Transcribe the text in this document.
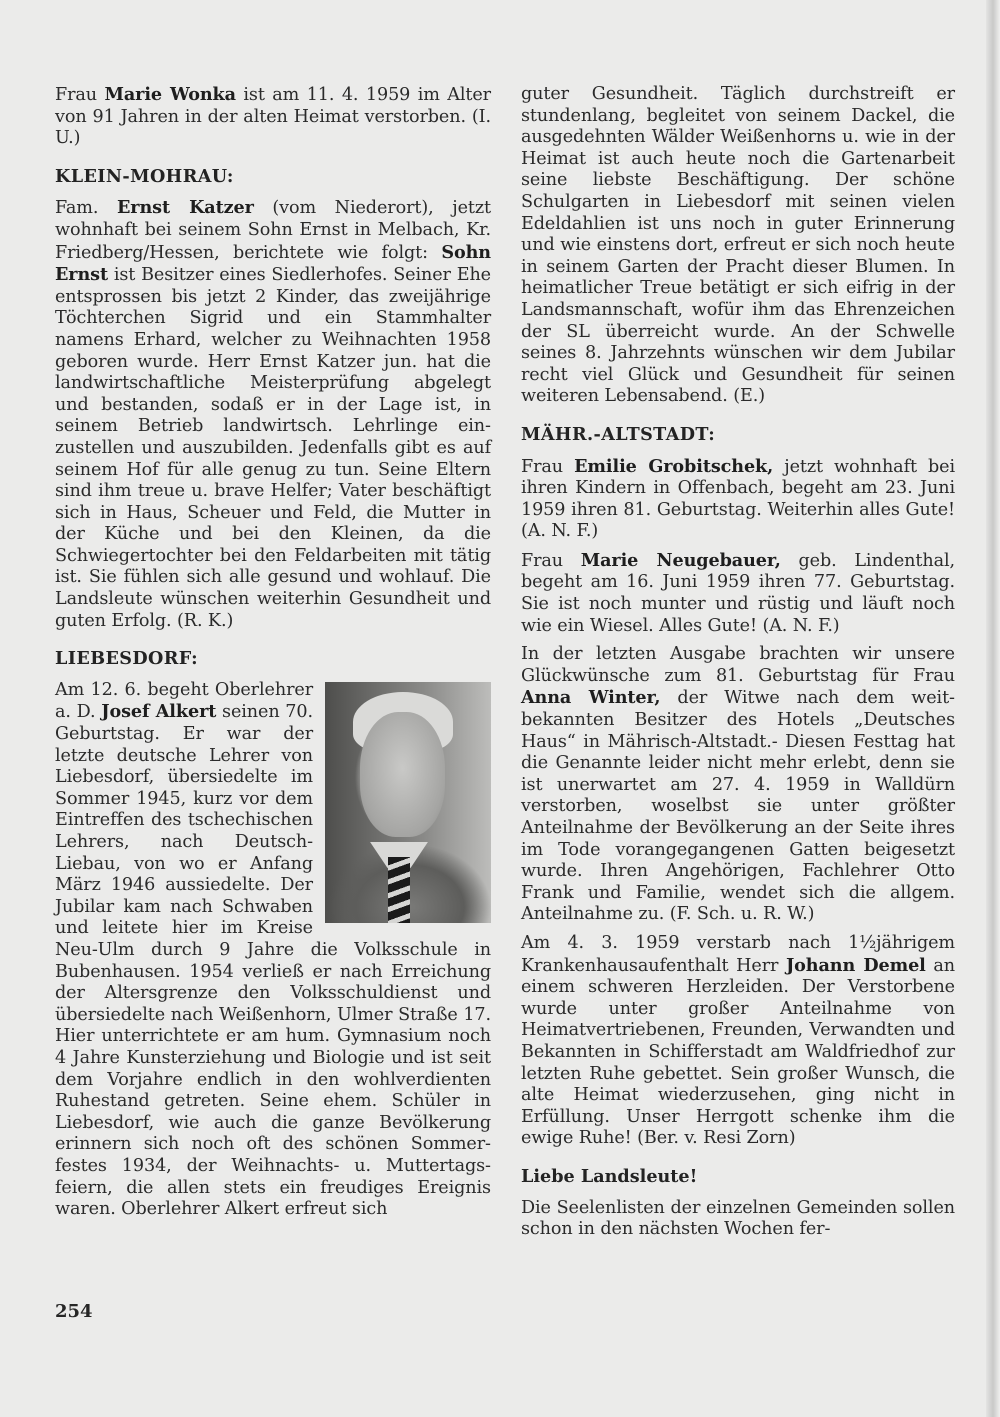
Frau Marie Wonka ist am 11. 4. 1959 im Alter von 91 Jahren in der alten Heimat verstorben. (I. U.)

KLEIN-MOHRAU:

Fam. Ernst Katzer (vom Niederort), jetzt wohnhaft bei seinem Sohn Ernst in Melbach, Kr. Friedberg/Hessen, berichtete wie folgt: Sohn Ernst ist Besitzer eines Siedlerhofes. Seiner Ehe entsprossen bis jetzt 2 Kinder, das zweijährige Töchterchen Sigrid und ein Stammhalter namens Erhard, welcher zu Weihnachten 1958 geboren wurde. Herr Ernst Katzer jun. hat die landwirtschaftliche Meisterprüfung abgelegt und bestanden, sodaß er in der Lage ist, in seinem Betrieb landwirtsch. Lehrlinge einzustellen und auszubilden. Jedenfalls gibt es auf seinem Hof für alle genug zu tun. Seine Eltern sind ihm treue u. brave Helfer; Vater beschäftigt sich in Haus, Scheuer und Feld, die Mutter in der Küche und bei den Kleinen, da die Schwiegertochter bei den Feldarbeiten mit tätig ist. Sie fühlen sich alle gesund und wohlauf. Die Landsleute wünschen weiterhin Gesundheit und guten Erfolg. (R. K.)

LIEBESDORF:

Am 12. 6. begeht Oberlehrer a. D. Josef Alkert seinen 70. Geburtstag. Er war der letzte deutsche Lehrer von Liebesdorf, übersiedelte im Sommer 1945, kurz vor dem Eintreffen des tschechischen Lehrers, nach Deutsch-Liebau, von wo er Anfang März 1946 aussiedelte. Der Jubilar kam nach Schwaben und leitete hier im Kreise Neu-Ulm durch 9 Jahre die Volksschule in Bubenhausen. 1954 verließ er nach Erreichung der Altersgrenze den Volksschuldienst und übersiedelte nach Weißenhorn, Ulmer Straße 17. Hier unterrichtete er am hum. Gymnasium noch 4 Jahre Kunsterziehung und Biologie und ist seit dem Vorjahre endlich in den wohlverdienten Ruhestand getreten. Seine ehem. Schüler in Liebesdorf, wie auch die ganze Bevölkerung erinnern sich noch oft des schönen Sommerfestes 1934, der Weihnachts- u. Muttertagsfeiern, die allen stets ein freudiges Ereignis waren. Oberlehrer Alkert erfreut sich

guter Gesundheit. Täglich durchstreift er stundenlang, begleitet von seinem Dackel, die ausgedehnten Wälder Weißenhorns u. wie in der Heimat ist auch heute noch die Gartenarbeit seine liebste Beschäftigung. Der schöne Schulgarten in Liebesdorf mit seinen vielen Edeldahlien ist uns noch in guter Erinnerung und wie einstens dort, erfreut er sich noch heute in seinem Garten der Pracht dieser Blumen. In heimatlicher Treue betätigt er sich eifrig in der Landsmannschaft, wofür ihm das Ehrenzeichen der SL überreicht wurde. An der Schwelle seines 8. Jahrzehnts wünschen wir dem Jubilar recht viel Glück und Gesundheit für seinen weiteren Lebensabend. (E.)

MÄHR.-ALTSTADT:

Frau Emilie Grobitschek, jetzt wohnhaft bei ihren Kindern in Offenbach, begeht am 23. Juni 1959 ihren 81. Geburtstag. Weiterhin alles Gute! (A. N. F.)

Frau Marie Neugebauer, geb. Lindenthal, begeht am 16. Juni 1959 ihren 77. Geburtstag. Sie ist noch munter und rüstig und läuft noch wie ein Wiesel. Alles Gute! (A. N. F.)

In der letzten Ausgabe brachten wir unsere Glückwünsche zum 81. Geburtstag für Frau Anna Winter, der Witwe nach dem weitbekannten Besitzer des Hotels „Deutsches Haus“ in Mährisch-Altstadt.- Diesen Festtag hat die Genannte leider nicht mehr erlebt, denn sie ist unerwartet am 27. 4. 1959 in Walldürn verstorben, woselbst sie unter größter Anteilnahme der Bevölkerung an der Seite ihres im Tode vorangegangenen Gatten beigesetzt wurde. Ihren Angehörigen, Fachlehrer Otto Frank und Familie, wendet sich die allgem. Anteilnahme zu. (F. Sch. u. R. W.)

Am 4. 3. 1959 verstarb nach 1½jährigem Krankenhausaufenthalt Herr Johann Demel an einem schweren Herzleiden. Der Verstorbene wurde unter großer Anteilnahme von Heimatvertriebenen, Freunden, Verwandten und Bekannten in Schifferstadt am Waldfriedhof zur letzten Ruhe gebettet. Sein großer Wunsch, die alte Heimat wiederzusehen, ging nicht in Erfüllung. Unser Herrgott schenke ihm die ewige Ruhe! (Ber. v. Resi Zorn)

Liebe Landsleute!

Die Seelenlisten der einzelnen Gemeinden sollen schon in den nächsten Wochen fer-

254
